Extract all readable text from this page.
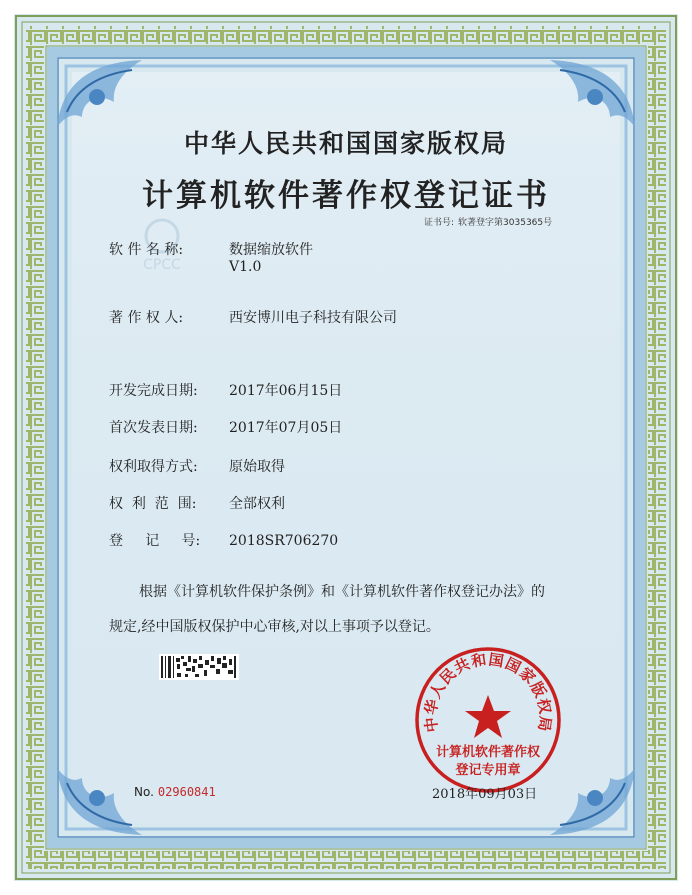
CPCC
中华人民共和国国家版权局
计算机软件著作权登记证书
证书号: 软著登字第3035365号
软 件 名 称:	数据缩放软件
V1.0
著 作 权 人:	西安博川电子科技有限公司
开发完成日期: 2017年06月15日
首次发表日期: 2017年07月05日
权利取得方式: 原始取得
权  利  范  围: 全部权利
登     记     号: 2018SR706270
根据《计算机软件保护条例》和《计算机软件著作权登记办法》的
规定,经中国版权保护中心审核,对以上事项予以登记。
中华人民共和国国家版权局
计算机软件著作权
登记专用章
No. 02960841	2018年09月03日
